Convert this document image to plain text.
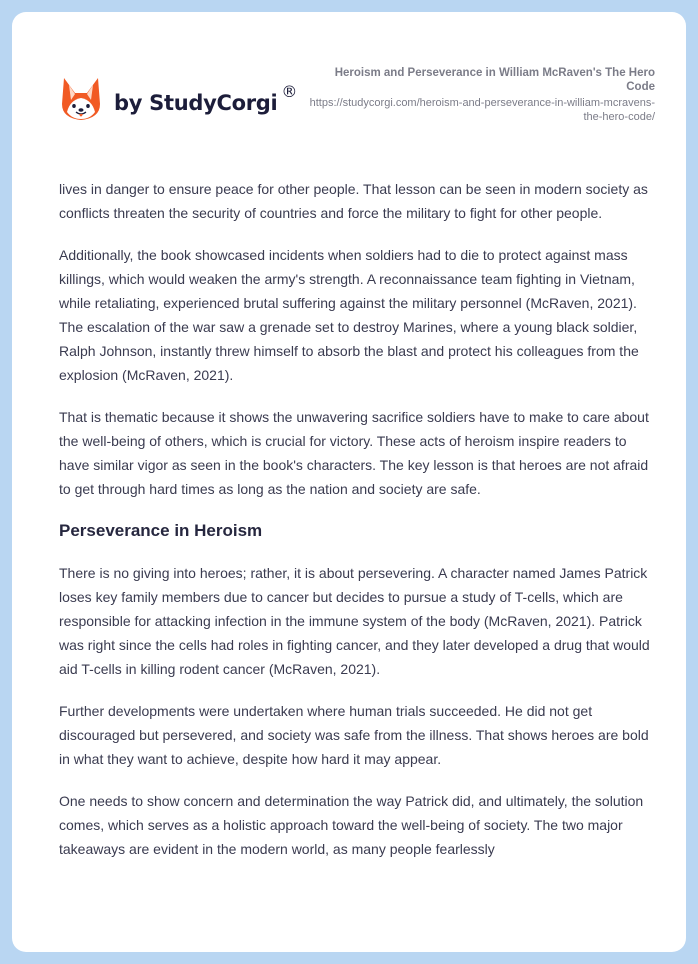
by StudyCorgi ®
Heroism and Perseverance in William McRaven's The Hero Code
https://studycorgi.com/heroism-and-perseverance-in-william-mcravens-the-hero-code/

lives in danger to ensure peace for other people. That lesson can be seen in modern society as conflicts threaten the security of countries and force the military to fight for other people.

Additionally, the book showcased incidents when soldiers had to die to protect against mass killings, which would weaken the army's strength. A reconnaissance team fighting in Vietnam, while retaliating, experienced brutal suffering against the military personnel (McRaven, 2021). The escalation of the war saw a grenade set to destroy Marines, where a young black soldier, Ralph Johnson, instantly threw himself to absorb the blast and protect his colleagues from the explosion (McRaven, 2021).

That is thematic because it shows the unwavering sacrifice soldiers have to make to care about the well-being of others, which is crucial for victory. These acts of heroism inspire readers to have similar vigor as seen in the book's characters. The key lesson is that heroes are not afraid to get through hard times as long as the nation and society are safe.

Perseverance in Heroism

There is no giving into heroes; rather, it is about persevering. A character named James Patrick loses key family members due to cancer but decides to pursue a study of T-cells, which are responsible for attacking infection in the immune system of the body (McRaven, 2021). Patrick was right since the cells had roles in fighting cancer, and they later developed a drug that would aid T-cells in killing rodent cancer (McRaven, 2021).

Further developments were undertaken where human trials succeeded. He did not get discouraged but persevered, and society was safe from the illness. That shows heroes are bold in what they want to achieve, despite how hard it may appear.

One needs to show concern and determination the way Patrick did, and ultimately, the solution comes, which serves as a holistic approach toward the well-being of society. The two major takeaways are evident in the modern world, as many people fearlessly
